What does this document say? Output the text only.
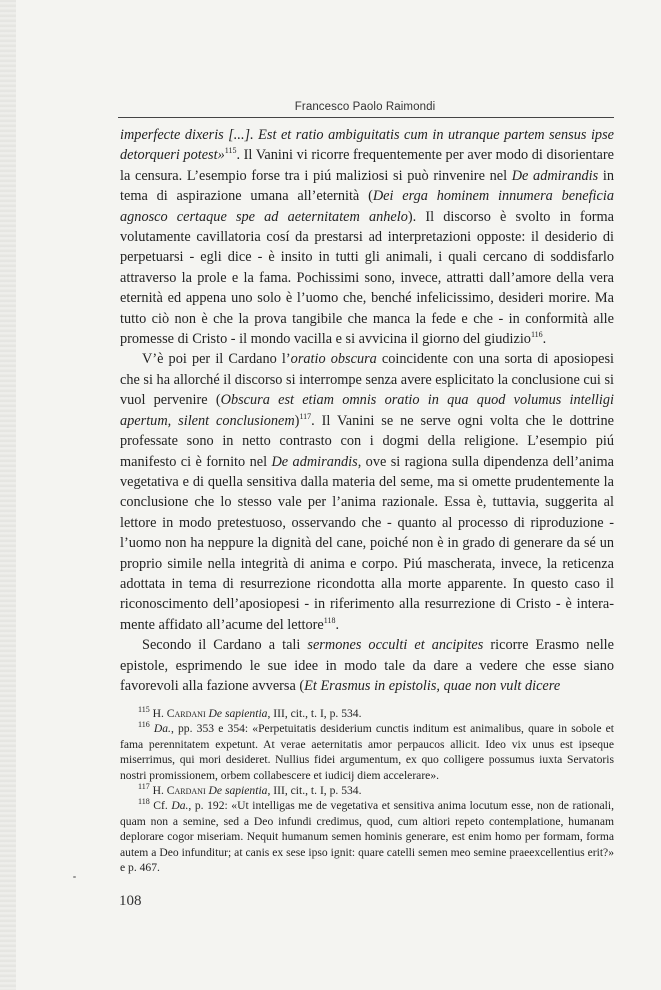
Francesco Paolo Raimondi

imperfecte dixeris [...]. Est et ratio ambiguitatis cum in utranque partem sensus ipse detorqueri potest»$^{115}$. Il Vanini vi ricorre frequentemente per aver modo di disorientare la censura. L’esempio forse tra i piú maliziosi si può rinvenire nel De admirandis in tema di aspirazione umana all’eternità (Dei erga hominem innumera beneficia agnosco certaque spe ad aeternitatem anhelo). Il discorso è svolto in forma volutamente cavillatoria cosí da prestarsi ad interpretazioni opposte: il desiderio di perpetuarsi - egli dice - è insito in tutti gli animali, i quali cercano di soddisfarlo attraverso la prole e la fama. Pochissimi sono, invece, attratti dall’amore della vera eternità ed appena uno solo è l’uomo che, benché infelicissimo, desideri morire. Ma tutto ciò non è che la prova tangibile che manca la fede e che - in conformità alle promesse di Cristo - il mondo vacilla e si avvicina il giorno del giudizio$^{116}$.

V’è poi per il Cardano l’oratio obscura coincidente con una sorta di aposiopesi che si ha allorché il discorso si interrompe senza avere esplicitato la conclusione cui si vuol pervenire (Obscura est etiam omnis oratio in qua quod volumus intelligi apertum, silent conclusionem)$^{117}$. Il Vanini se ne serve ogni volta che le dottrine professate sono in netto contrasto con i dogmi della religione. L’esempio piú manifesto ci è fornito nel De admirandis, ove si ragiona sulla dipendenza dell’anima vegetativa e di quella sensitiva dalla materia del seme, ma si omette prudentemente la conclusione che lo stesso vale per l’anima razionale. Essa è, tuttavia, suggerita al lettore in modo pretestuoso, osservando che - quanto al processo di riproduzione - l’uomo non ha neppure la dignità del cane, poiché non è in grado di generare da sé un proprio simile nella integrità di anima e corpo. Piú mascherata, invece, la reticenza adottata in tema di resurrezione ricondotta alla morte apparente. In questo caso il riconoscimento dell’aposiopesi - in riferimento alla resurrezione di Cristo - è interamente affidato all’acume del lettore$^{118}$.

Secondo il Cardano a tali sermones occulti et ancipites ricorre Erasmo nelle epistole, esprimendo le sue idee in modo tale da dare a vedere che esse siano favorevoli alla fazione avversa (Et Erasmus in epistolis, quae non vult dicere

$^{115}$ H. Cardani De sapientia, III, cit., t. I, p. 534.

$^{116}$ Da., pp. 353 e 354: «Perpetuitatis desiderium cunctis inditum est animalibus, quare in sobole et fama perennitatem expetunt. At verae aeternitatis amor perpaucos allicit. Ideo vix unus est ipseque miserrimus, qui mori desideret. Nullius fidei argumentum, ex quo colligere possumus iuxta Servatoris nostri promissionem, orbem collabescere et iudicij diem accelerare».

$^{117}$ H. Cardani De sapientia, III, cit., t. I, p. 534.

$^{118}$ Cf. Da., p. 192: «Ut intelligas me de vegetativa et sensitiva anima locutum esse, non de rationali, quam non a semine, sed a Deo infundi credimus, quod, cum altiori repeto contemplatione, humanam deplorare cogor miseriam. Nequit humanum semen hominis generare, est enim homo per formam, forma autem a Deo infunditur; at canis ex sese ipso ignit: quare catelli semen meo semine praeexcellentius erit?» e p. 467.

108
